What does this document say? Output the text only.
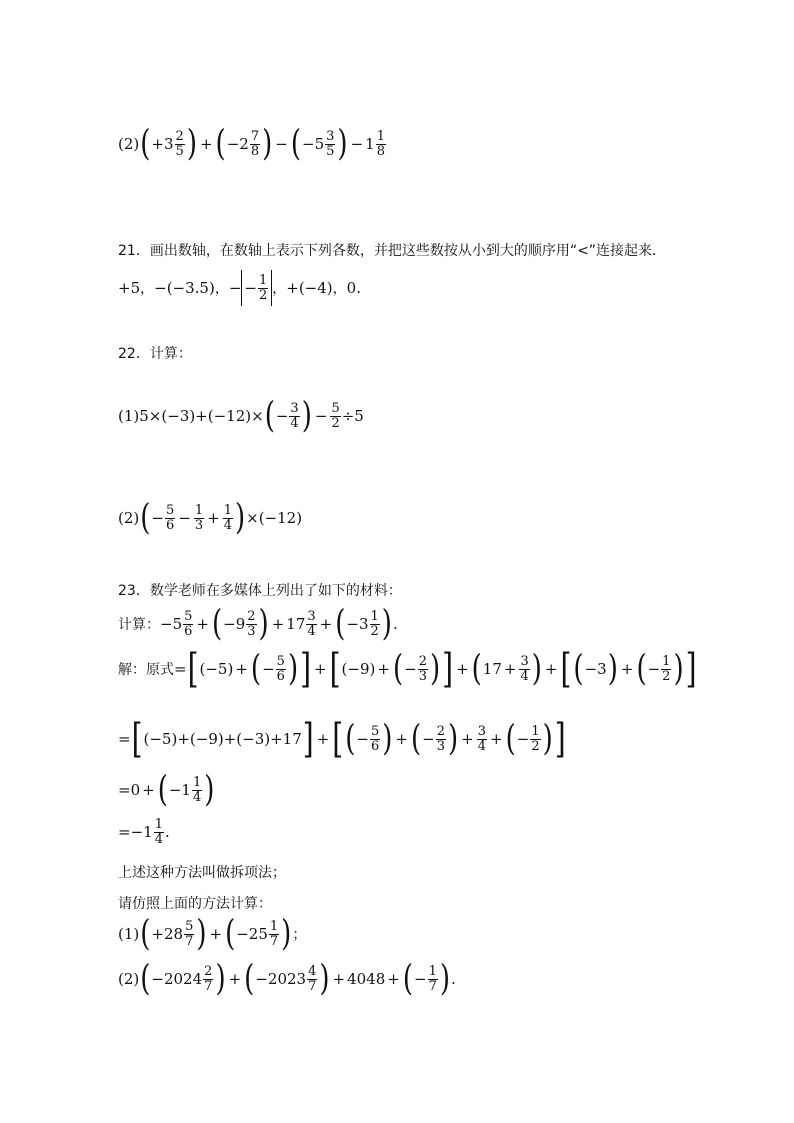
(2) ( $+3 \frac{2}{5}$ ) + ( $-2 \frac{7}{8}$ ) − ( $-5 \frac{3}{5}$ ) − $1 \frac{1}{8}$
21．画出数轴，在数轴上表示下列各数，并把这些数按从小到大的顺序用“<”连接起来．
+5 ， −(−3.5) ， − − $\frac{1}{2}$ ， +(−4) ， 0.
22．计算：
(1) 5×(−3)+(−12)× ( − $\frac{3}{4}$ ) − $\frac{5}{2} \div 5$
(2) ( − $\frac{5}{6} - \frac{1}{3} + \frac{1}{4}$ ) ×(−12)
23．数学老师在多媒体上列出了如下的材料：
计算： $-5 \frac{5}{6}$ + ( $-9 \frac{2}{3}$ ) + $17 \frac{3}{4}$ + ( $-3 \frac{1}{2}$ ) .
解：原式 = [ (−5) + ( − $\frac{5}{6}$ ) ] + [ (−9) + ( − $\frac{2}{3}$ ) ] + ( $17 + \frac{3}{4}$ ) + [ ( −3 ) + ( − $\frac{1}{2}$ ) ]
= [ (−5)+(−9)+(−3)+17 ] + [ ( − $\frac{5}{6}$ ) + ( − $\frac{2}{3}$ ) + $\frac{3}{4}$ + ( − $\frac{1}{2}$ ) ]
= 0 + ( $-1 \frac{1}{4}$ )
= $-1 \frac{1}{4}$ .
上述这种方法叫做拆项法；
请仿照上面的方法计算：
(1) ( $+28 \frac{5}{7}$ ) + ( $-25 \frac{1}{7}$ ) ；
(2) ( $-2024 \frac{2}{7}$ ) + ( $-2023 \frac{4}{7}$ ) + 4048 + ( − $\frac{1}{7}$ ) .
